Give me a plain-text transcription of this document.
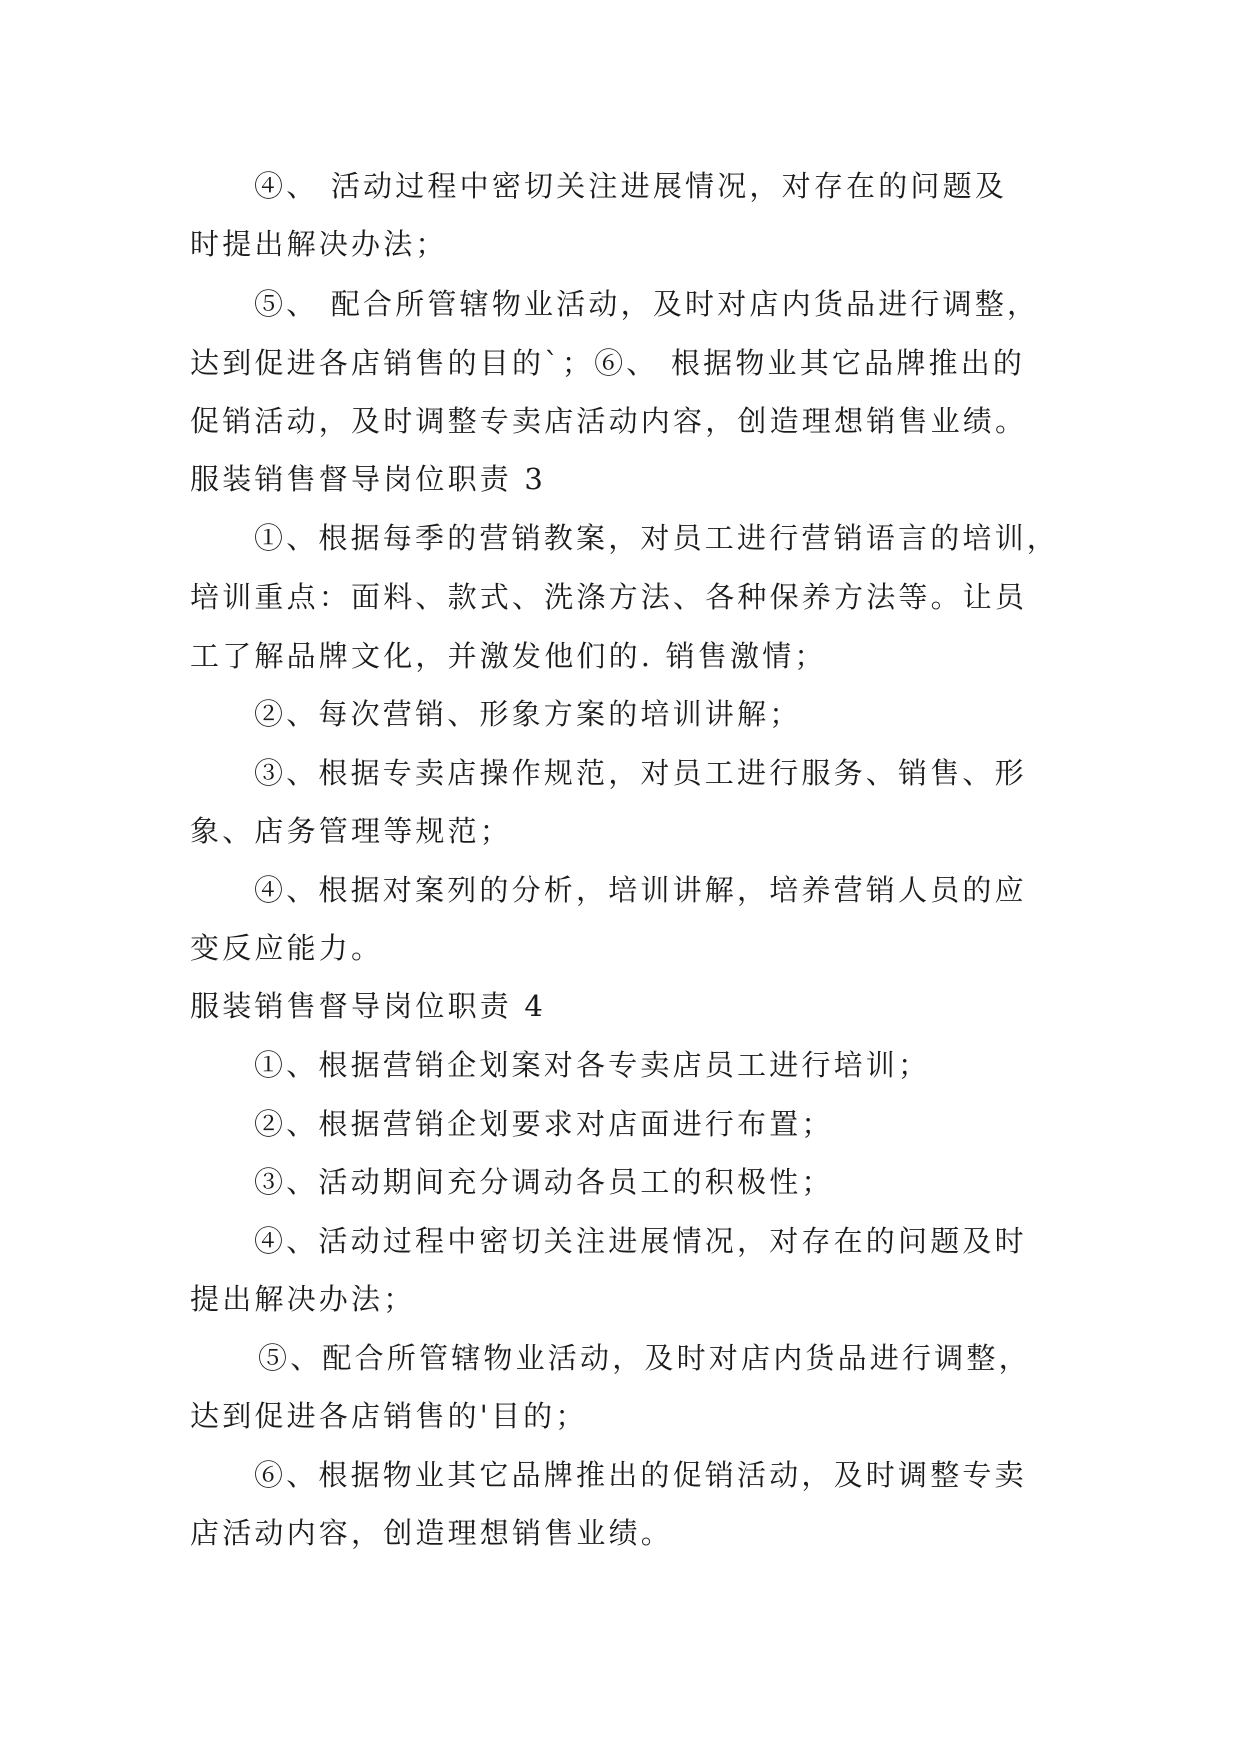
④、 活动过程中密切关注进展情况，对存在的问题及
时提出解决办法；
⑤、 配合所管辖物业活动，及时对店内货品进行调整，
达到促进各店销售的目的`；⑥、 根据物业其它品牌推出的
促销活动，及时调整专卖店活动内容，创造理想销售业绩。
服装销售督导岗位职责 3
①、根据每季的营销教案，对员工进行营销语言的培训，
培训重点：面料、款式、洗涤方法、各种保养方法等。让员
工了解品牌文化，并激发他们的. 销售激情；
②、每次营销、形象方案的培训讲解；
③、根据专卖店操作规范，对员工进行服务、销售、形
象、店务管理等规范；
④、根据对案列的分析，培训讲解，培养营销人员的应
变反应能力。
服装销售督导岗位职责 4
①、根据营销企划案对各专卖店员工进行培训；
②、根据营销企划要求对店面进行布置；
③、活动期间充分调动各员工的积极性；
④、活动过程中密切关注进展情况，对存在的问题及时
提出解决办法；
⑤、配合所管辖物业活动，及时对店内货品进行调整，
达到促进各店销售的'目的；
⑥、根据物业其它品牌推出的促销活动，及时调整专卖
店活动内容，创造理想销售业绩。
